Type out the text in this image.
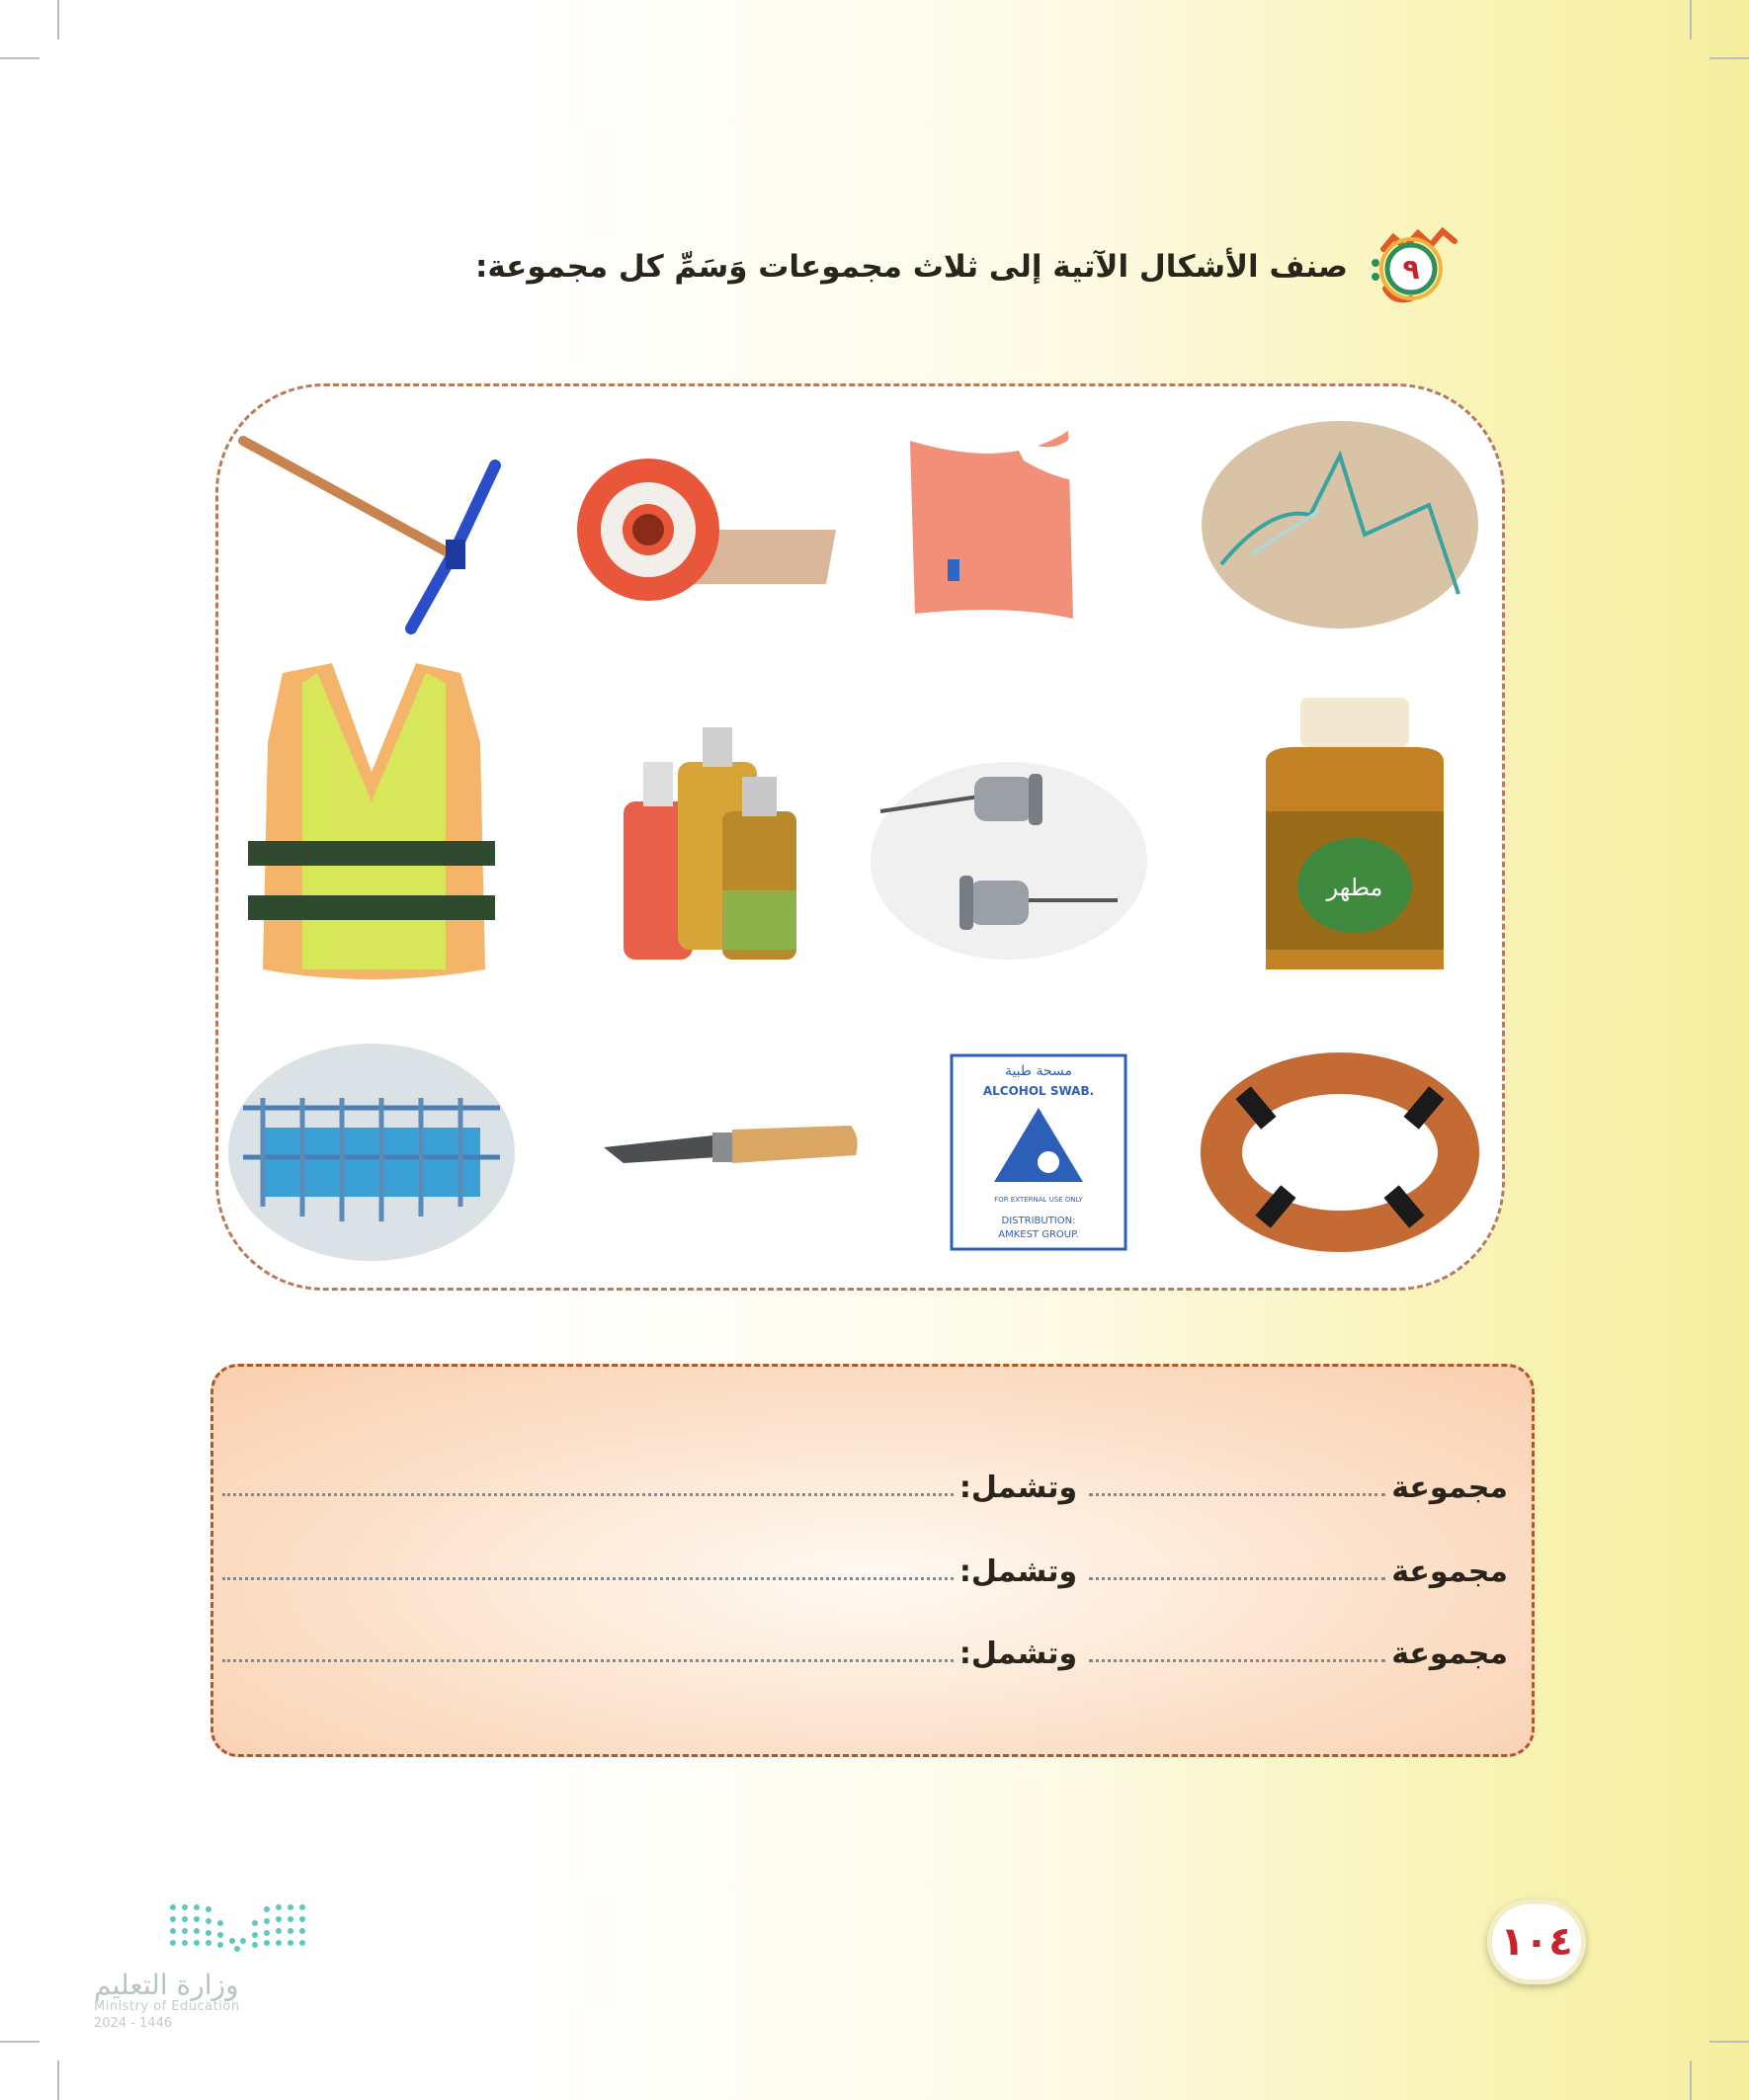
٩
صنف الأشكال الآتية إلى ثلاث مجموعات وَسَمِّ كل مجموعة:
مطهر
مسحة طبية
ALCOHOL SWAB.
FOR EXTERNAL USE ONLY
DISTRIBUTION:
AMKEST GROUP.
مجموعة
وتشمل:
مجموعة
وتشمل:
مجموعة
وتشمل:
وزارة التعليم
Ministry of Education
2024 - 1446
١٠٤
